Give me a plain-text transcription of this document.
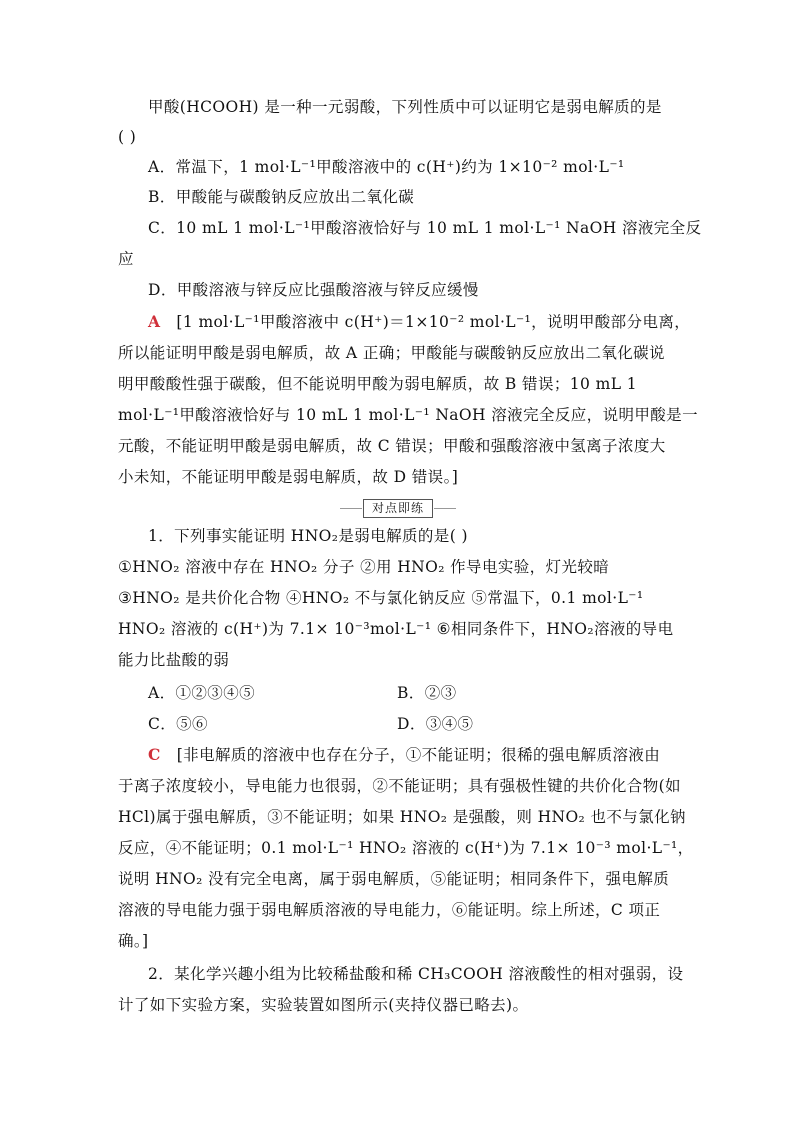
甲酸(HCOOH) 是一种一元弱酸，下列性质中可以证明它是弱电解质的是
( )
A．常温下，1 mol·L⁻¹甲酸溶液中的 c(H⁺)约为 1×10⁻² mol·L⁻¹
B．甲酸能与碳酸钠反应放出二氧化碳
C．10 mL 1 mol·L⁻¹甲酸溶液恰好与 10 mL 1 mol·L⁻¹ NaOH 溶液完全反
应
D．甲酸溶液与锌反应比强酸溶液与锌反应缓慢
A [1 mol·L⁻¹甲酸溶液中 c(H⁺)＝1×10⁻² mol·L⁻¹，说明甲酸部分电离，
所以能证明甲酸是弱电解质，故 A 正确；甲酸能与碳酸钠反应放出二氧化碳说
明甲酸酸性强于碳酸，但不能说明甲酸为弱电解质，故 B 错误；10 mL 1
mol·L⁻¹甲酸溶液恰好与 10 mL 1 mol·L⁻¹ NaOH 溶液完全反应，说明甲酸是一
元酸，不能证明甲酸是弱电解质，故 C 错误；甲酸和强酸溶液中氢离子浓度大
小未知，不能证明甲酸是弱电解质，故 D 错误。]
对点即练
1．下列事实能证明 HNO₂是弱电解质的是( )
①HNO₂ 溶液中存在 HNO₂ 分子 ②用 HNO₂ 作导电实验，灯光较暗
③HNO₂ 是共价化合物 ④HNO₂ 不与氯化钠反应 ⑤常温下，0.1 mol·L⁻¹
HNO₂ 溶液的 c(H⁺)为 7.1× 10⁻³mol·L⁻¹ ⑥相同条件下，HNO₂溶液的导电
能力比盐酸的弱
A．①②③④⑤	B．②③
C．⑤⑥	D．③④⑤
C [非电解质的溶液中也存在分子，①不能证明；很稀的强电解质溶液由
于离子浓度较小，导电能力也很弱，②不能证明；具有强极性键的共价化合物(如
HCl)属于强电解质，③不能证明；如果 HNO₂ 是强酸，则 HNO₂ 也不与氯化钠
反应，④不能证明；0.1 mol·L⁻¹ HNO₂ 溶液的 c(H⁺)为 7.1× 10⁻³ mol·L⁻¹，
说明 HNO₂ 没有完全电离，属于弱电解质，⑤能证明；相同条件下，强电解质
溶液的导电能力强于弱电解质溶液的导电能力，⑥能证明。综上所述，C 项正
确。]
2．某化学兴趣小组为比较稀盐酸和稀 CH₃COOH 溶液酸性的相对强弱，设
计了如下实验方案，实验装置如图所示(夹持仪器已略去)。
